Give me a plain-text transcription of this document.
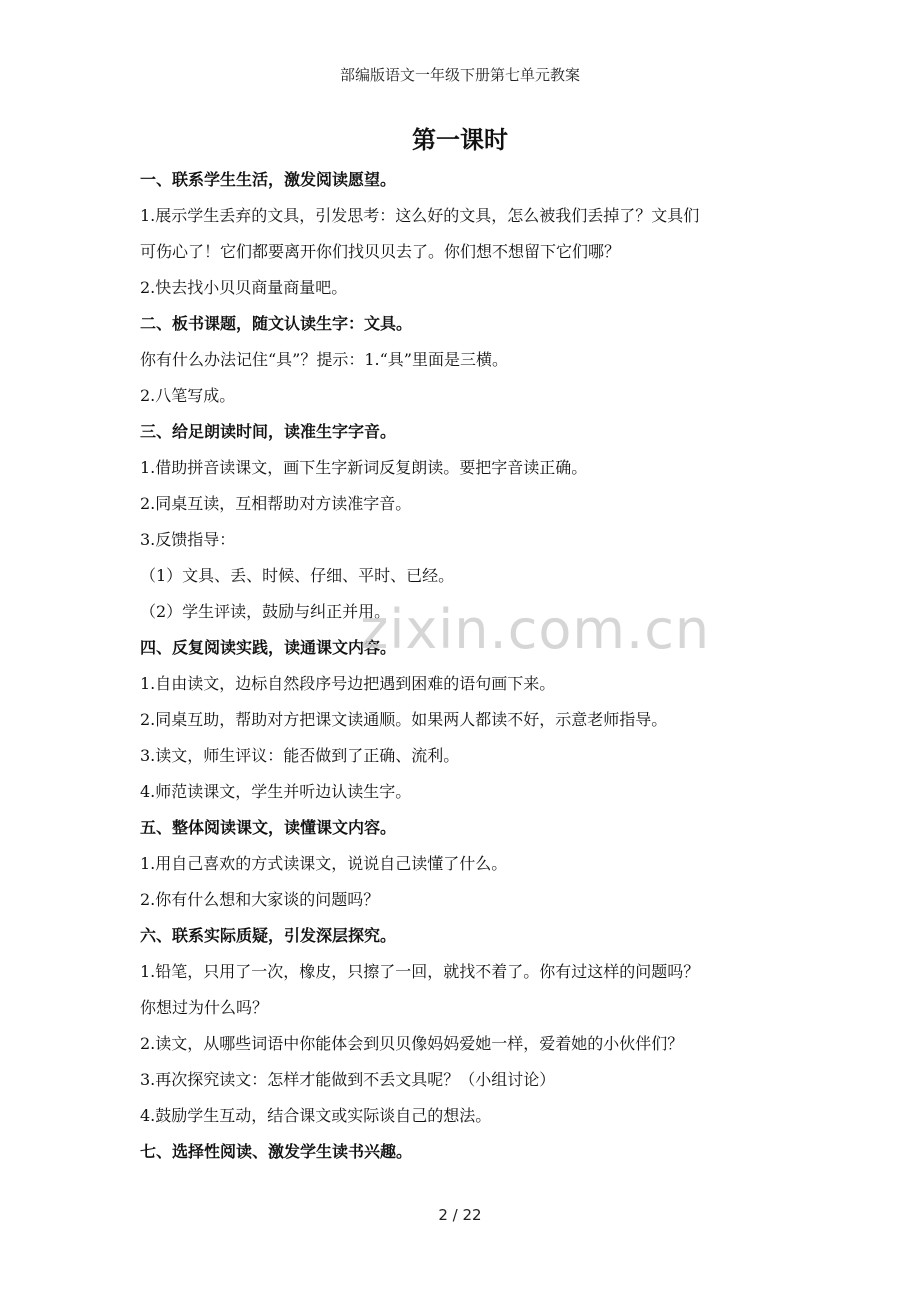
部编版语文一年级下册第七单元教案
第一课时
一、联系学生生活，激发阅读愿望。
1.展示学生丢弃的文具，引发思考：这么好的文具，怎么被我们丢掉了？文具们
可伤心了！它们都要离开你们找贝贝去了。你们想不想留下它们哪？
2.快去找小贝贝商量商量吧。
二、板书课题，随文认读生字：文具。
你有什么办法记住“具”？提示：1.“具”里面是三横。
2.八笔写成。
三、给足朗读时间，读准生字字音。
1.借助拼音读课文，画下生字新词反复朗读。要把字音读正确。
2.同桌互读，互相帮助对方读准字音。
3.反馈指导：
（1）文具、丢、时候、仔细、平时、已经。
（2）学生评读，鼓励与纠正并用。
四、反复阅读实践，读通课文内容。
1.自由读文，边标自然段序号边把遇到困难的语句画下来。
2.同桌互助，帮助对方把课文读通顺。如果两人都读不好，示意老师指导。
3.读文，师生评议：能否做到了正确、流利。
4.师范读课文，学生并听边认读生字。
五、整体阅读课文，读懂课文内容。
1.用自己喜欢的方式读课文，说说自己读懂了什么。
2.你有什么想和大家谈的问题吗？
六、联系实际质疑，引发深层探究。
1.铅笔，只用了一次，橡皮，只擦了一回，就找不着了。你有过这样的问题吗？
你想过为什么吗？
2.读文，从哪些词语中你能体会到贝贝像妈妈爱她一样，爱着她的小伙伴们？
3.再次探究读文：怎样才能做到不丢文具呢？（小组讨论）
4.鼓励学生互动，结合课文或实际谈自己的想法。
七、选择性阅读、激发学生读书兴趣。
zixin.com.cn
2 / 22
